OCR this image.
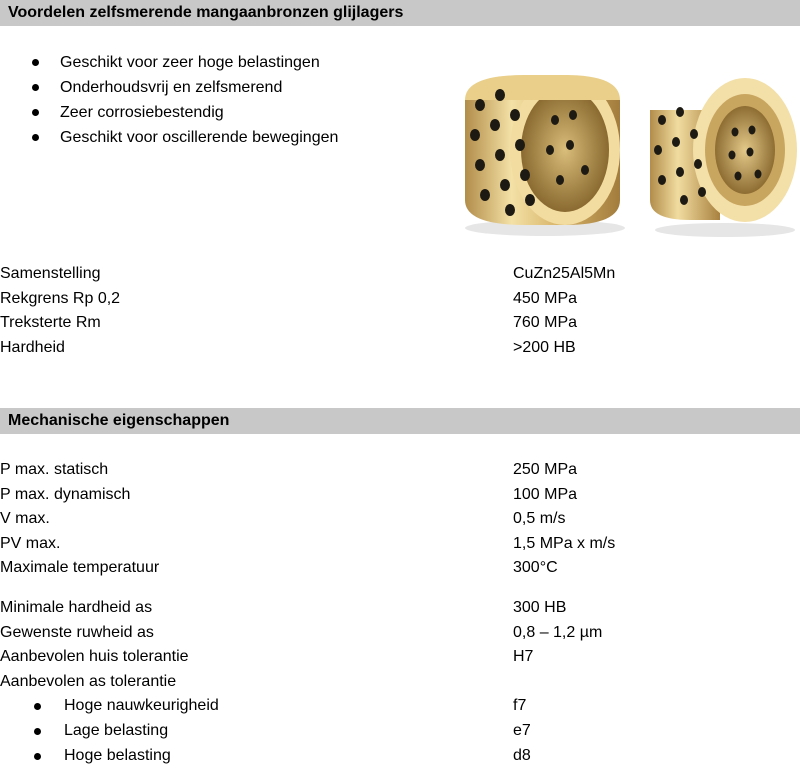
Voordelen zelfsmerende mangaanbronzen glijlagers
Geschikt voor zeer hoge belastingen
Onderhoudsvrij en zelfsmerend
Zeer corrosiebestendig
Geschikt voor oscillerende bewegingen
Samenstelling	CuZn25Al5Mn
Rekgrens Rp 0,2	450 MPa
Treksterte Rm	760 MPa
Hardheid	>200 HB
Mechanische eigenschappen
P max. statisch	250 MPa
P max. dynamisch	100 MPa
V max.	0,5 m/s
PV max.	1,5 MPa x m/s
Maximale temperatuur	300°C
Minimale hardheid as	300 HB
Gewenste ruwheid as	0,8 – 1,2 µm
Aanbevolen huis tolerantie	H7
Aanbevolen as tolerantie
Hoge nauwkeurigheid	f7
Lage belasting	e7
Hoge belasting	d8
